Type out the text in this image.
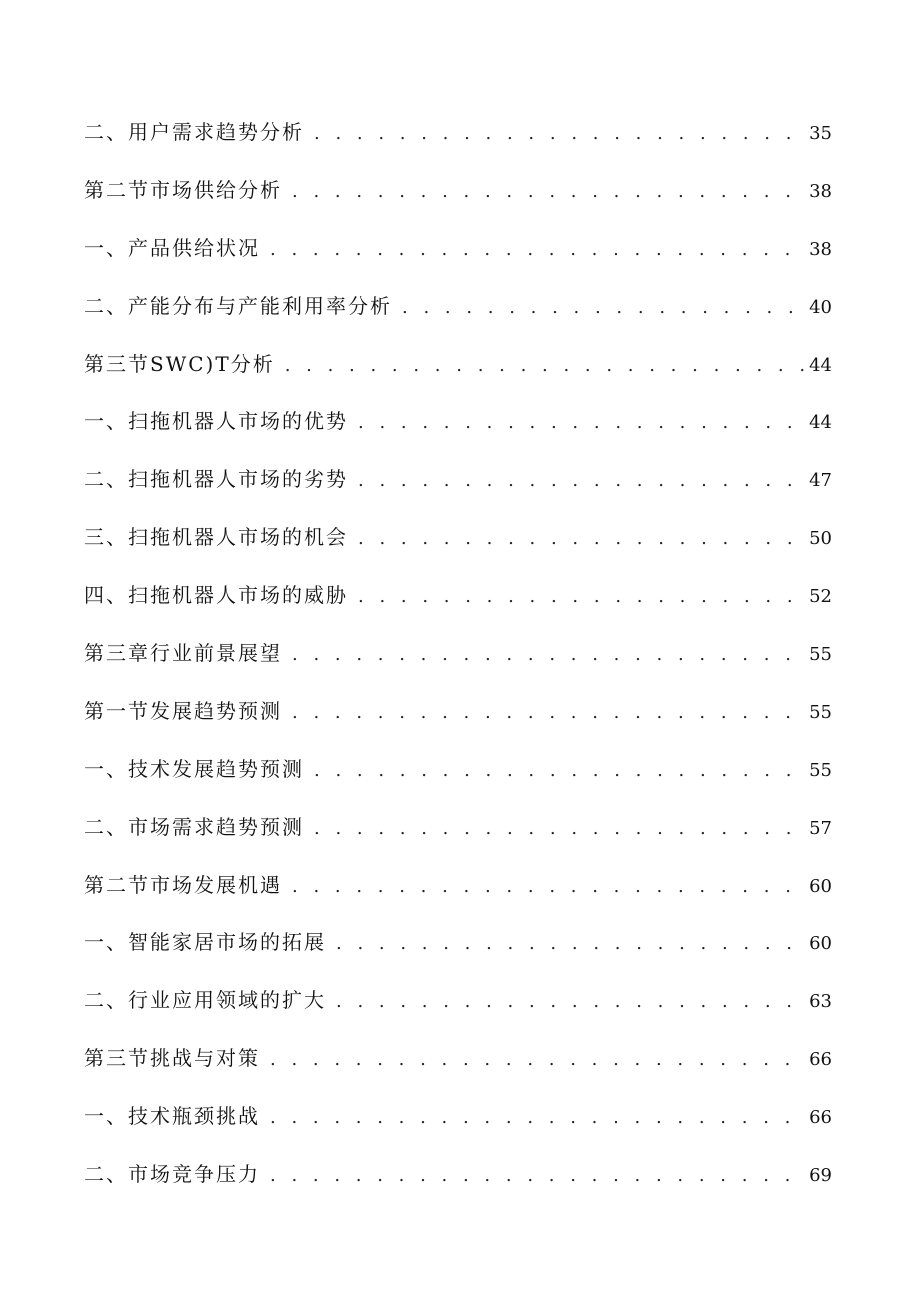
二、用户需求趋势分析 . . .	35
第二节市场供给分析 . . .	38
一、产品供给状况 . . .	38
二、产能分布与产能利用率分析 . . .	40
第三节SWC)T分析 . . .	44
一、扫拖机器人市场的优势 . . .	44
二、扫拖机器人市场的劣势 . . .	47
三、扫拖机器人市场的机会 . . .	50
四、扫拖机器人市场的威胁 . . .	52
第三章行业前景展望 . . .	55
第一节发展趋势预测 . . .	55
一、技术发展趋势预测 . . .	55
二、市场需求趋势预测 . . .	57
第二节市场发展机遇 . . .	60
一、智能家居市场的拓展 . . .	60
二、行业应用领域的扩大 . . .	63
第三节挑战与对策 . . .	66
一、技术瓶颈挑战 . . .	66
二、市场竞争压力 . . .	69
